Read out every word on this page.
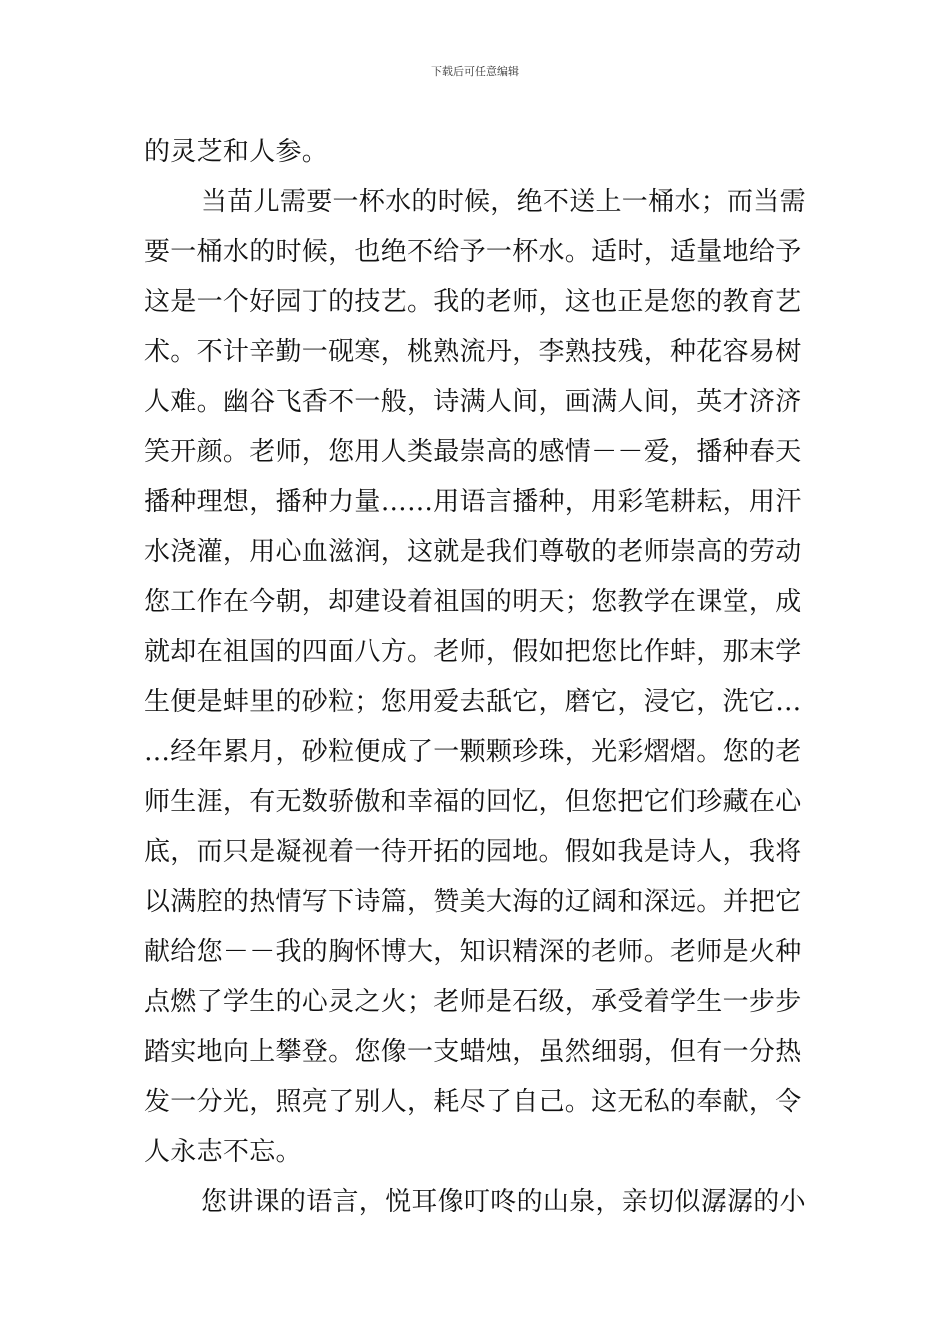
下载后可任意编辑
的灵芝和人参。
当苗儿需要一杯水的时候，绝不送上一桶水；而当需
要一桶水的时候，也绝不给予一杯水。适时，适量地给予
这是一个好园丁的技艺。我的老师，这也正是您的教育艺
术。不计辛勤一砚寒，桃熟流丹，李熟技残，种花容易树
人难。幽谷飞香不一般，诗满人间，画满人间，英才济济
笑开颜。老师，您用人类最崇高的感情－－爱，播种春天
播种理想，播种力量……用语言播种，用彩笔耕耘，用汗
水浇灌，用心血滋润，这就是我们尊敬的老师崇高的劳动
您工作在今朝，却建设着祖国的明天；您教学在课堂，成
就却在祖国的四面八方。老师，假如把您比作蚌，那末学
生便是蚌里的砂粒；您用爱去舐它，磨它，浸它，洗它…
…经年累月，砂粒便成了一颗颗珍珠，光彩熠熠。您的老
师生涯，有无数骄傲和幸福的回忆，但您把它们珍藏在心
底，而只是凝视着一待开拓的园地。假如我是诗人，我将
以满腔的热情写下诗篇，赞美大海的辽阔和深远。并把它
献给您－－我的胸怀博大，知识精深的老师。老师是火种
点燃了学生的心灵之火；老师是石级，承受着学生一步步
踏实地向上攀登。您像一支蜡烛，虽然细弱，但有一分热
发一分光，照亮了别人，耗尽了自己。这无私的奉献，令
人永志不忘。
您讲课的语言，悦耳像叮咚的山泉，亲切似潺潺的小
